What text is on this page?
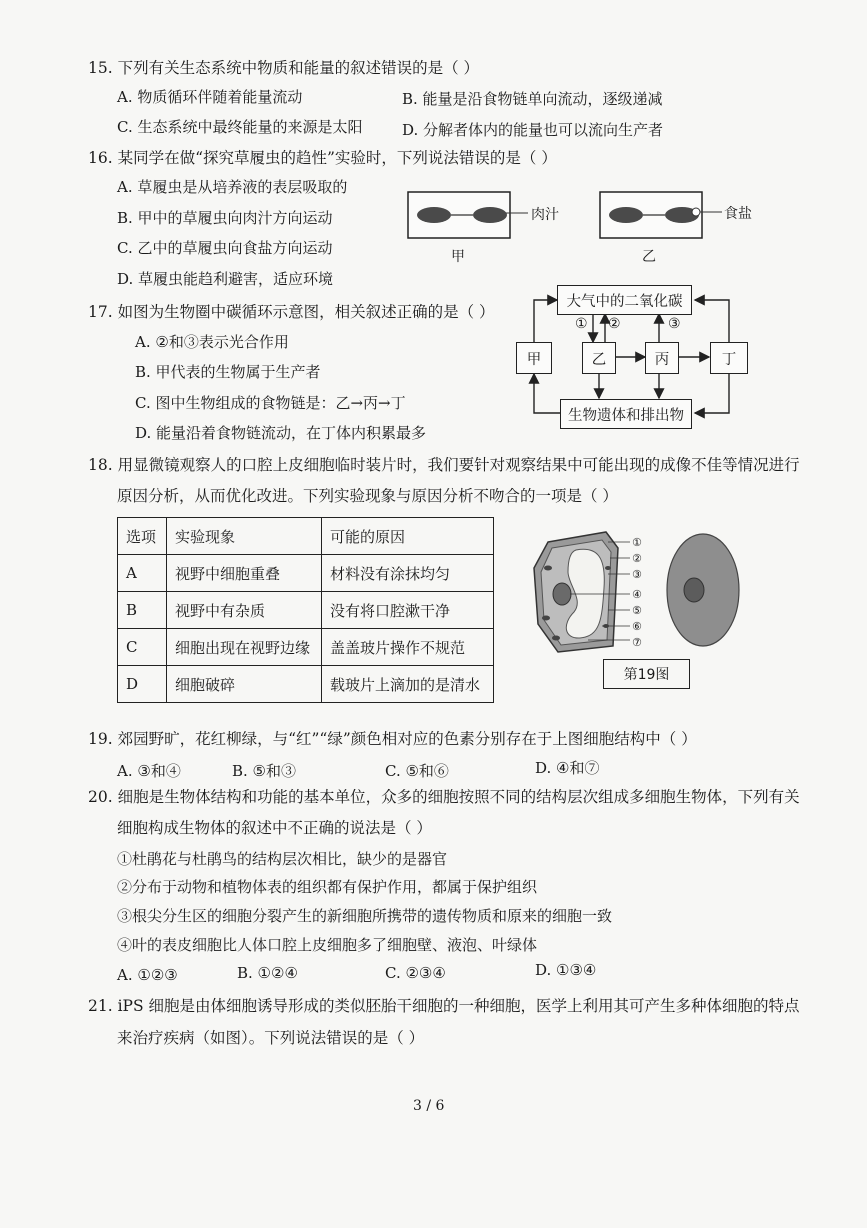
15. 下列有关生态系统中物质和能量的叙述错误的是（ ）
A. 物质循环伴随着能量流动	B. 能量是沿食物链单向流动，逐级递减
C. 生态系统中最终能量的来源是太阳	D. 分解者体内的能量也可以流向生产者
16. 某同学在做“探究草履虫的趋性”实验时，下列说法错误的是（ ）
A. 草履虫是从培养液的表层吸取的
B. 甲中的草履虫向肉汁方向运动
C. 乙中的草履虫向食盐方向运动
D. 草履虫能趋利避害，适应环境
肉汁	食盐
甲	乙
17. 如图为生物圈中碳循环示意图，相关叙述正确的是（ ）
A. ②和③表示光合作用
B. 甲代表的生物属于生产者
C. 图中生物组成的食物链是：乙→丙→丁
D. 能量沿着食物链流动，在丁体内积累最多
大气中的二氧化碳
甲	乙	丙	丁
生物遗体和排出物
① ②	③
18. 用显微镜观察人的口腔上皮细胞临时装片时，我们要针对观察结果中可能出现的成像不佳等情况进行
原因分析，从而优化改进。下列实验现象与原因分析不吻合的一项是（ ）
选项	实验现象	可能的原因
A	视野中细胞重叠	材料没有涂抹均匀
B	视野中有杂质	没有将口腔漱干净
C	细胞出现在视野边缘	盖盖玻片操作不规范
D	细胞破碎	载玻片上滴加的是清水
①
②
③
④
⑤
⑥
⑦
第19图
19. 郊园野旷，花红柳绿，与“红”“绿”颜色相对应的色素分别存在于上图细胞结构中（ ）
A. ③和④	B. ⑤和③	C. ⑤和⑥	D. ④和⑦
20. 细胞是生物体结构和功能的基本单位，众多的细胞按照不同的结构层次组成多细胞生物体，下列有关
细胞构成生物体的叙述中不正确的说法是（ ）
①杜鹃花与杜鹃鸟的结构层次相比，缺少的是器官
②分布于动物和植物体表的组织都有保护作用，都属于保护组织
③根尖分生区的细胞分裂产生的新细胞所携带的遗传物质和原来的细胞一致
④叶的表皮细胞比人体口腔上皮细胞多了细胞壁、液泡、叶绿体
A. ①②③	B. ①②④	C. ②③④	D. ①③④
21. iPS 细胞是由体细胞诱导形成的类似胚胎干细胞的一种细胞，医学上利用其可产生多种体细胞的特点
来治疗疾病（如图）。下列说法错误的是（ ）
3 / 6
